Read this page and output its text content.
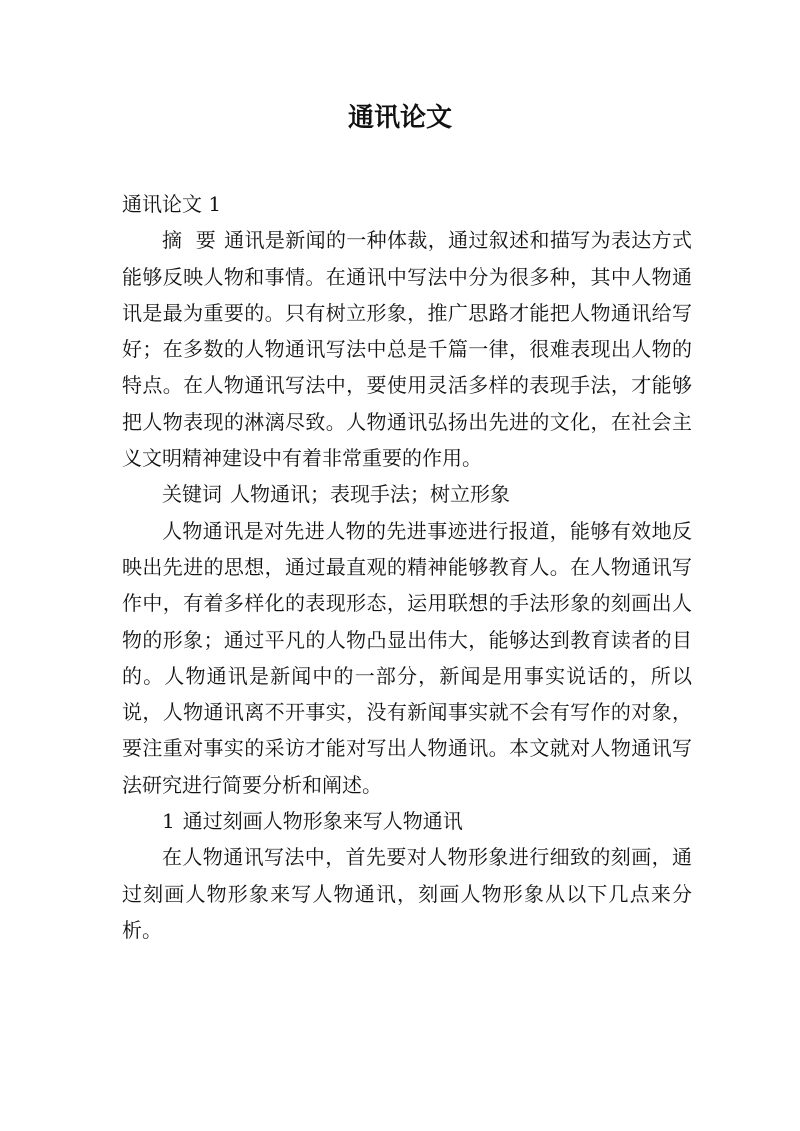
通讯论文

通讯论文 1

摘  要 通讯是新闻的一种体裁，通过叙述和描写为表达方式能够反映人物和事情。在通讯中写法中分为很多种，其中人物通讯是最为重要的。只有树立形象，推广思路才能把人物通讯给写好；在多数的人物通讯写法中总是千篇一律，很难表现出人物的特点。在人物通讯写法中，要使用灵活多样的表现手法，才能够把人物表现的淋漓尽致。人物通讯弘扬出先进的文化，在社会主义文明精神建设中有着非常重要的作用。

关键词 人物通讯；表现手法；树立形象

人物通讯是对先进人物的先进事迹进行报道，能够有效地反映出先进的思想，通过最直观的精神能够教育人。在人物通讯写作中，有着多样化的表现形态，运用联想的手法形象的刻画出人物的形象；通过平凡的人物凸显出伟大，能够达到教育读者的目的。人物通讯是新闻中的一部分，新闻是用事实说话的，所以说，人物通讯离不开事实，没有新闻事实就不会有写作的对象，要注重对事实的采访才能对写出人物通讯。本文就对人物通讯写法研究进行简要分析和阐述。

1 通过刻画人物形象来写人物通讯

在人物通讯写法中，首先要对人物形象进行细致的刻画，通过刻画人物形象来写人物通讯，刻画人物形象从以下几点来分析。
